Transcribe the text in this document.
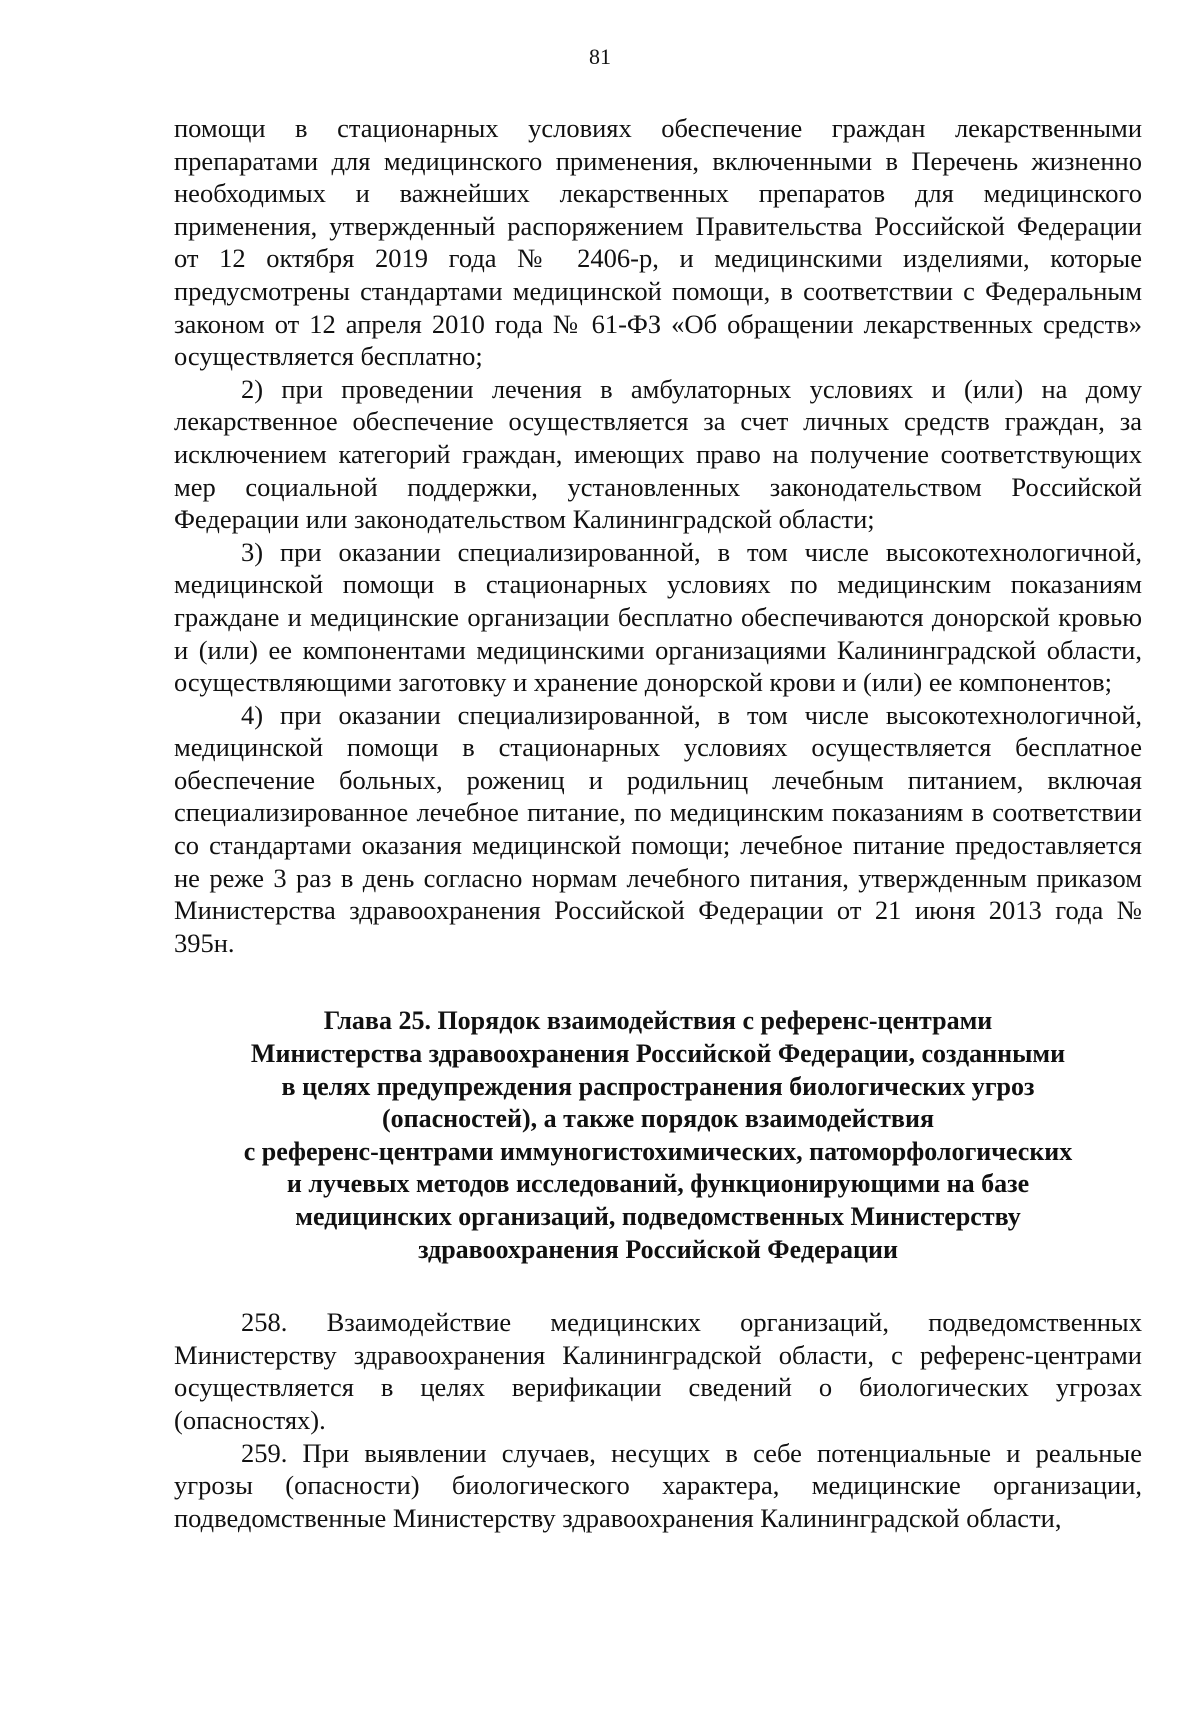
81

помощи в стационарных условиях обеспечение граждан лекарственными препаратами для медицинского применения, включенными в Перечень жизненно необходимых и важнейших лекарственных препаратов для медицинского применения, утвержденный распоряжением Правительства Российской Федерации от 12 октября 2019 года № 2406-р, и медицинскими изделиями, которые предусмотрены стандартами медицинской помощи, в соответствии с Федеральным законом от 12 апреля 2010 года № 61-ФЗ «Об обращении лекарственных средств» осуществляется бесплатно;

2) при проведении лечения в амбулаторных условиях и (или) на дому лекарственное обеспечение осуществляется за счет личных средств граждан, за исключением категорий граждан, имеющих право на получение соответствующих мер социальной поддержки, установленных законодательством Российской Федерации или законодательством Калининградской области;

3) при оказании специализированной, в том числе высокотехнологичной, медицинской помощи в стационарных условиях по медицинским показаниям граждане и медицинские организации бесплатно обеспечиваются донорской кровью и (или) ее компонентами медицинскими организациями Калининградской области, осуществляющими заготовку и хранение донорской крови и (или) ее компонентов;

4) при оказании специализированной, в том числе высокотехнологичной, медицинской помощи в стационарных условиях осуществляется бесплатное обеспечение больных, рожениц и родильниц лечебным питанием, включая специализированное лечебное питание, по медицинским показаниям в соответствии со стандартами оказания медицинской помощи; лечебное питание предоставляется не реже 3 раз в день согласно нормам лечебного питания, утвержденным приказом Министерства здравоохранения Российской Федерации от 21 июня 2013 года № 395н.

Глава 25. Порядок взаимодействия с референс-центрами
Министерства здравоохранения Российской Федерации, созданными
в целях предупреждения распространения биологических угроз
(опасностей), а также порядок взаимодействия
с референс-центрами иммуногистохимических, патоморфологических
и лучевых методов исследований, функционирующими на базе
медицинских организаций, подведомственных Министерству
здравоохранения Российской Федерации

258. Взаимодействие медицинских организаций, подведомственных Министерству здравоохранения Калининградской области, с референс-центрами осуществляется в целях верификации сведений о биологических угрозах (опасностях).

259. При выявлении случаев, несущих в себе потенциальные и реальные угрозы (опасности) биологического характера, медицинские организации, подведомственные Министерству здравоохранения Калининградской области,
